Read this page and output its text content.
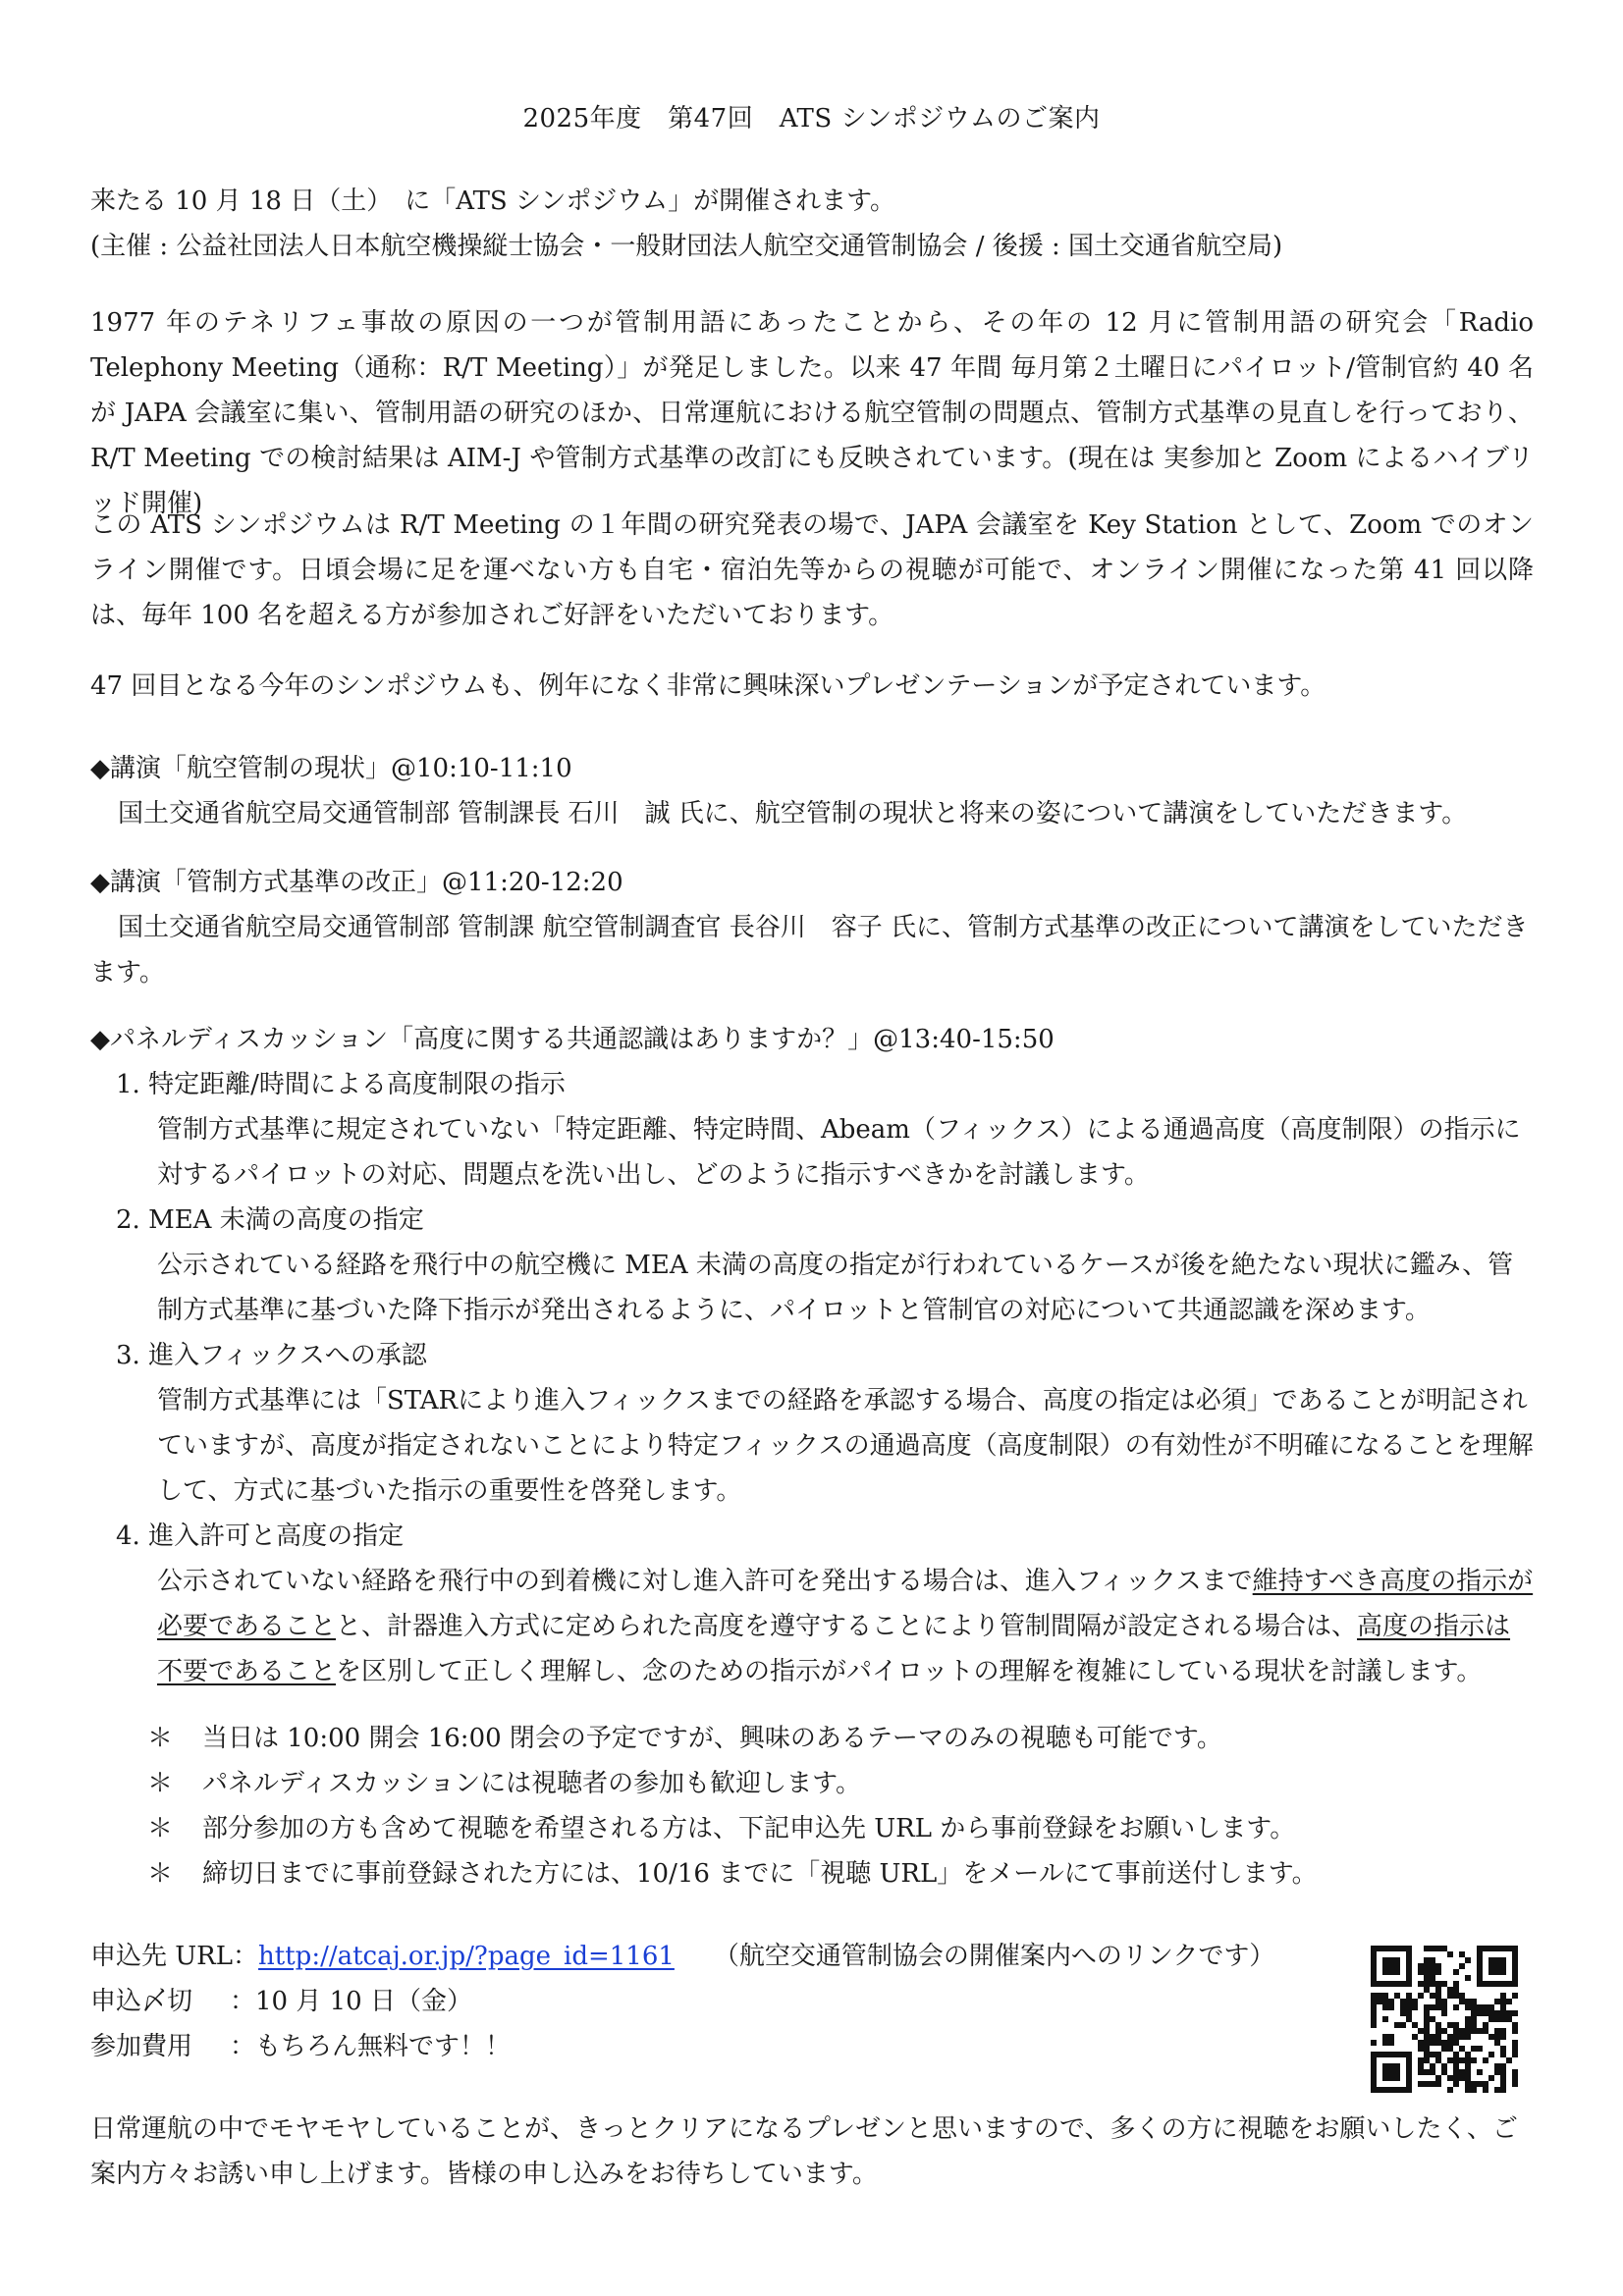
2025年度　第47回　ATS シンポジウムのご案内
来たる 10 月 18 日（土）　に「ATS シンポジウム」が開催されます。
(主催 : 公益社団法人日本航空機操縦士協会・一般財団法人航空交通管制協会 / 後援 : 国土交通省航空局)
1977 年のテネリフェ事故の原因の一つが管制用語にあったことから、その年の 12 月に管制用語の研究会「Radio Telephony Meeting（通称：R/T Meeting）」が発足しました。以来 47 年間 毎月第２土曜日にパイロット/管制官約 40 名が JAPA 会議室に集い、管制用語の研究のほか、日常運航における航空管制の問題点、管制方式基準の見直しを行っており、R/T Meeting での検討結果は AIM-J や管制方式基準の改訂にも反映されています。(現在は 実参加と Zoom によるハイブリッド開催)
この ATS シンポジウムは R/T Meeting の１年間の研究発表の場で、JAPA 会議室を Key Station として、Zoom でのオンライン開催です。日頃会場に足を運べない方も自宅・宿泊先等からの視聴が可能で、オンライン開催になった第 41 回以降は、毎年 100 名を超える方が参加されご好評をいただいております。
47 回目となる今年のシンポジウムも、例年になく非常に興味深いプレゼンテーションが予定されています。
◆講演「航空管制の現状」@10:10-11:10
国土交通省航空局交通管制部 管制課長 石川　誠 氏に、航空管制の現状と将来の姿について講演をしていただきます。
◆講演「管制方式基準の改正」@11:20-12:20
国土交通省航空局交通管制部 管制課 航空管制調査官 長谷川　容子 氏に、管制方式基準の改正について講演をしていただきます。
◆パネルディスカッション「高度に関する共通認識はありますか？」@13:40-15:50
1. 特定距離/時間による高度制限の指示
管制方式基準に規定されていない「特定距離、特定時間、Abeam（フィックス）による通過高度（高度制限）の指示に対するパイロットの対応、問題点を洗い出し、どのように指示すべきかを討議します。
2. MEA 未満の高度の指定
公示されている経路を飛行中の航空機に MEA 未満の高度の指定が行われているケースが後を絶たない現状に鑑み、管制方式基準に基づいた降下指示が発出されるように、パイロットと管制官の対応について共通認識を深めます。
3. 進入フィックスへの承認
管制方式基準には「STARにより進入フィックスまでの経路を承認する場合、高度の指定は必須」であることが明記されていますが、高度が指定されないことにより特定フィックスの通過高度（高度制限）の有効性が不明確になることを理解して、方式に基づいた指示の重要性を啓発します。
4. 進入許可と高度の指定
公示されていない経路を飛行中の到着機に対し進入許可を発出する場合は、進入フィックスまで維持すべき高度の指示が必要であることと、計器進入方式に定められた高度を遵守することにより管制間隔が設定される場合は、高度の指示は不要であることを区別して正しく理解し、念のための指示がパイロットの理解を複雑にしている現状を討議します。
＊	当日は 10:00 開会 16:00 閉会の予定ですが、興味のあるテーマのみの視聴も可能です。
＊	パネルディスカッションには視聴者の参加も歓迎します。
＊	部分参加の方も含めて視聴を希望される方は、下記申込先 URL から事前登録をお願いします。
＊	締切日までに事前登録された方には、10/16 までに「視聴 URL」をメールにて事前送付します。
申込先 URL： http://atcaj.or.jp/?page_id=1161 （航空交通管制協会の開催案内へのリンクです）
申込〆切	：10 月 10 日（金）
参加費用	：もちろん無料です！！
日常運航の中でモヤモヤしていることが、きっとクリアになるプレゼンと思いますので、多くの方に視聴をお願いしたく、ご案内方々お誘い申し上げます。皆様の申し込みをお待ちしています。
